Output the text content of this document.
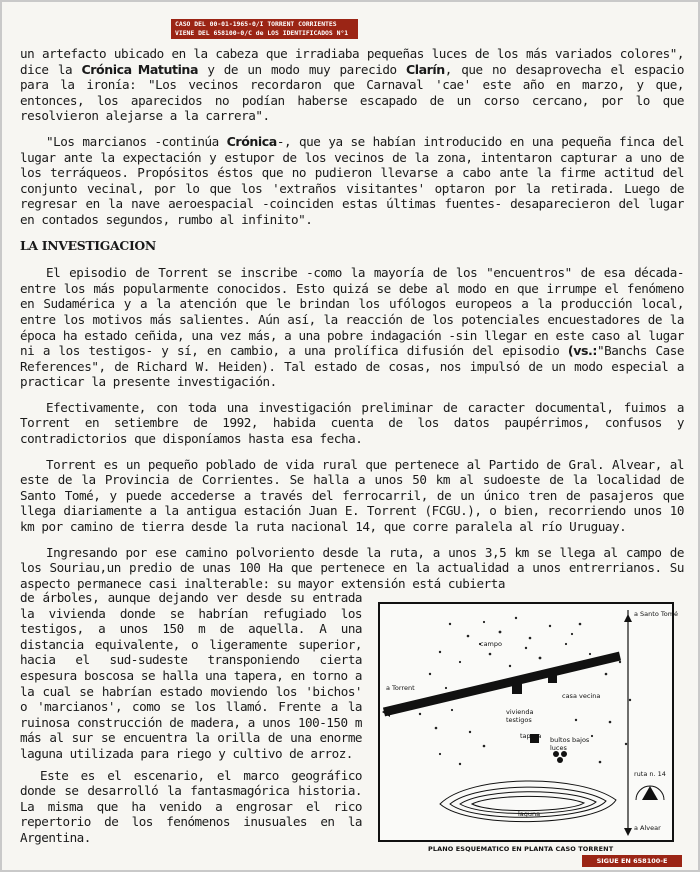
CASO DEL 00-01-1965-0/I TORRENT CORRIENTES
VIENE DEL 658100-0/C de LOS IDENTIFICADOS N°1

un artefacto ubicado en la cabeza que irradiaba pequeñas luces de los más variados colores", dice la Crónica Matutina y de un modo muy parecido Clarín, que no desaprovecha el espacio para la ironía: "Los vecinos recordaron que Carnaval 'cae' este año en marzo, y que, entonces, los aparecidos no podían haberse escapado de un corso cercano, por lo que resolvieron alejarse a la carrera".

"Los marcianos -continúa Crónica-, que ya se habían introducido en una pequeña finca del lugar ante la expectación y estupor de los vecinos de la zona, intentaron capturar a uno de los terráqueos. Propósitos éstos que no pudieron llevarse a cabo ante la firme actitud del conjunto vecinal, por lo que los 'extraños visitantes' optaron por la retirada. Luego de regresar en la nave aeroespacial -coinciden estas últimas fuentes- desaparecieron del lugar en contados segundos, rumbo al infinito".

LA INVESTIGACION

El episodio de Torrent se inscribe -como la mayoría de los "encuentros" de esa década- entre los más popularmente conocidos. Esto quizá se debe al modo en que irrumpe el fenómeno en Sudamérica y a la atención que le brindan los ufólogos europeos a la producción local, entre los motivos más salientes. Aún así, la reacción de los potenciales encuestadores de la época ha estado ceñida, una vez más, a una pobre indagación -sin llegar en este caso al lugar ni a los testigos- y sí, en cambio, a una prolífica difusión del episodio (vs.:"Banchs Case References", de Richard W. Heiden). Tal estado de cosas, nos impulsó de un modo especial a practicar la presente investigación.

Efectivamente, con toda una investigación preliminar de caracter documental, fuimos a Torrent en setiembre de 1992, habida cuenta de los datos paupérrimos, confusos y contradictorios que disponíamos hasta esa fecha.

Torrent es un pequeño poblado de vida rural que pertenece al Partido de Gral. Alvear, al este de la Provincia de Corrientes. Se halla a unos 50 km al sudoeste de la localidad de Santo Tomé, y puede accederse a través del ferrocarril, de un único tren de pasajeros que llega diariamente a la antigua estación Juan E. Torrent (FCGU.), o bien, recorriendo unos 10 km por camino de tierra desde la ruta nacional 14, que corre paralela al río Uruguay.

Ingresando por ese camino polvoriento desde la ruta, a unos 3,5 km se llega al campo de los Souriau,un predio de unas 100 Ha que pertenece en la actualidad a unos entrerrianos. Su aspecto permanece casi inalterable: su mayor extensión está cubierta

de árboles, aunque dejando ver desde su entrada la vivienda donde se habrían refugiado los testigos, a unos 150 m de aquella. A una distancia equivalente, o ligeramente superior, hacia el sud-sudeste transponiendo cierta espesura boscosa se halla una tapera, en torno a la cual se habrían estado moviendo los 'bichos' o 'marcianos', como se los llamó. Frente a la ruinosa construcción de madera, a unos 100-150 m más al sur se encuentra la orilla de una enorme laguna utilizada para riego y cultivo de arroz.

Este es el escenario, el marco geográfico donde se desarrolló la fantasmagórica historia. La misma que ha venido a engrosar el rico repertorio de los fenómenos inusuales en la Argentina.

a Santo Tomé
campo
a Torrent
casa vecina
vivienda testigos
tapera bultos bajos luces
ruta n. 14
laguna
a Alvear
PLANO ESQUEMATICO EN PLANTA CASO TORRENT
SIGUE EN 658100-E
